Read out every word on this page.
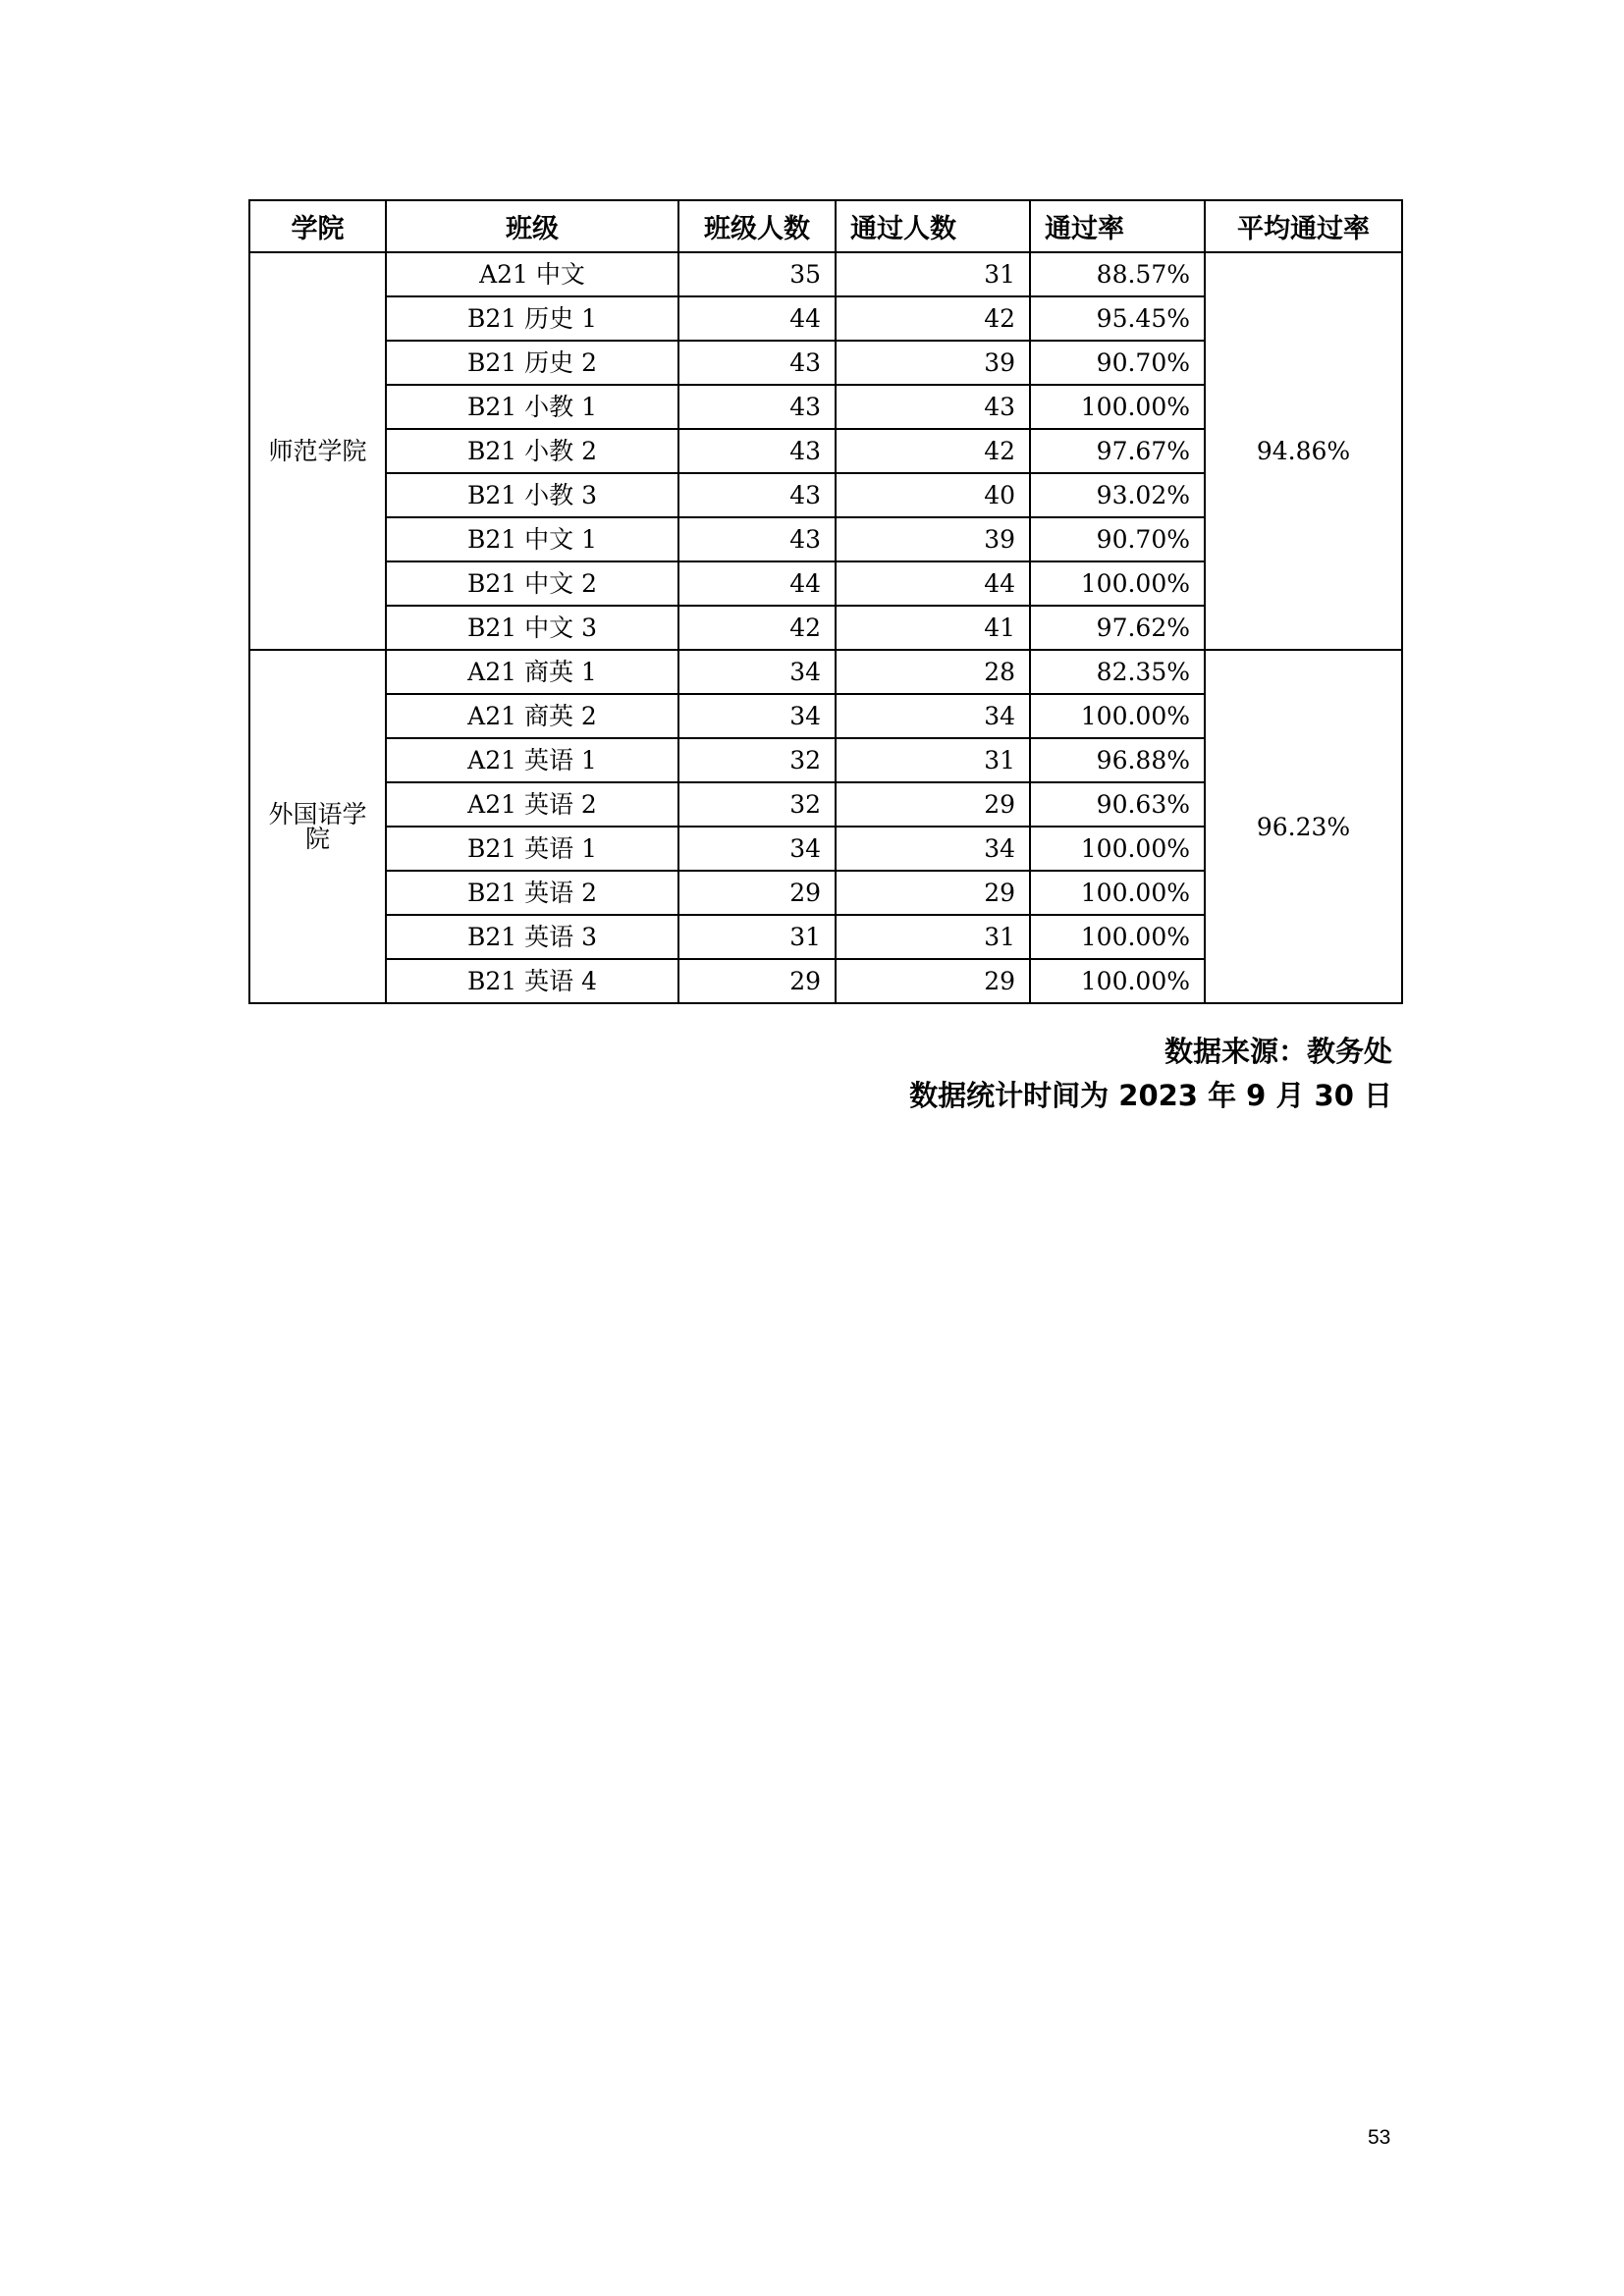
学院	班级	班级人数	通过人数	通过率	平均通过率
师范学院	A21 中文	35	31	88.57%	94.86%
	B21 历史 1	44	42	95.45%	
	B21 历史 2	43	39	90.70%	
	B21 小教 1	43	43	100.00%	
	B21 小教 2	43	42	97.67%	
	B21 小教 3	43	40	93.02%	
	B21 中文 1	43	39	90.70%	
	B21 中文 2	44	44	100.00%	
	B21 中文 3	42	41	97.62%	
外国语学院	A21 商英 1	34	28	82.35%	96.23%
	A21 商英 2	34	34	100.00%	
	A21 英语 1	32	31	96.88%	
	A21 英语 2	32	29	90.63%	
	B21 英语 1	34	34	100.00%	
	B21 英语 2	29	29	100.00%	
	B21 英语 3	31	31	100.00%	
	B21 英语 4	29	29	100.00%	
数据来源：教务处
数据统计时间为 2023 年 9 月 30 日
53
